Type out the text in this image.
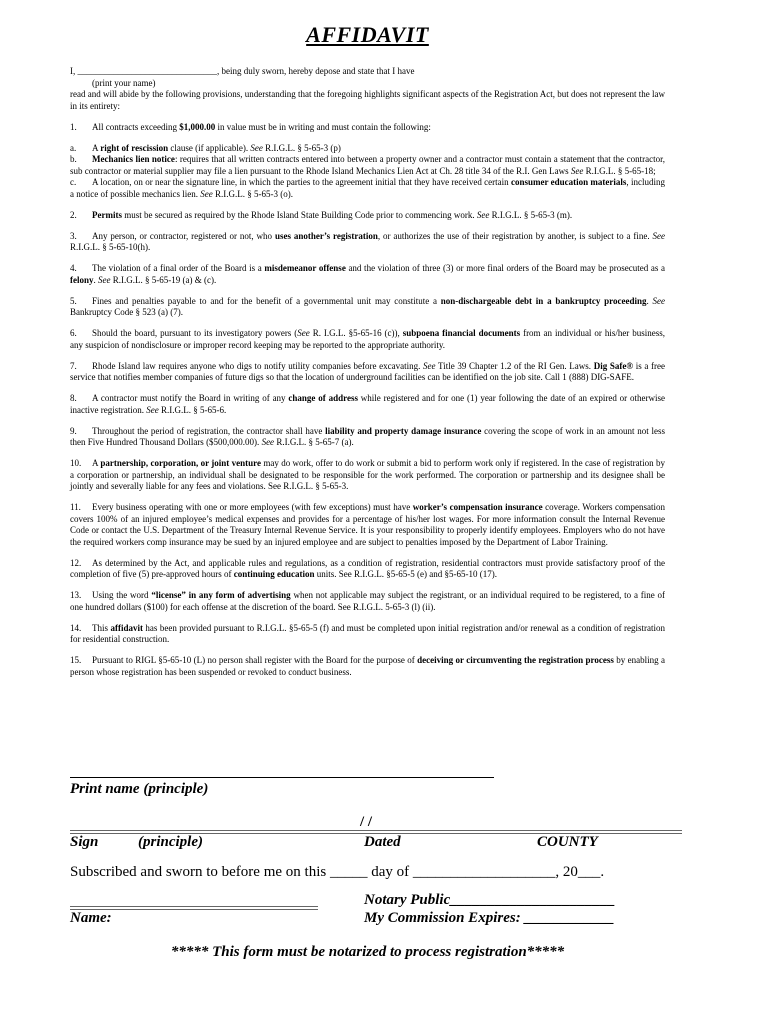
AFFIDAVIT

I, _______________________________, being duly sworn, hereby depose and state that I have

(print your name)

read and will abide by the following provisions, understanding that the foregoing highlights significant aspects of the Registration Act, but does not represent the law in its entirety:

1. All contracts exceeding $1,000.00 in value must be in writing and must contain the following:

a. A right of rescission clause (if applicable). See R.I.G.L. § 5-65-3 (p)

b. Mechanics lien notice: requires that all written contracts entered into between a property owner and a contractor must contain a statement that the contractor, sub contractor or material supplier may file a lien pursuant to the Rhode Island Mechanics Lien Act at Ch. 28 title 34 of the R.I. Gen Laws See R.I.G.L. § 5-65-18;

c. A location, on or near the signature line, in which the parties to the agreement initial that they have received certain consumer education materials, including a notice of possible mechanics lien. See R.I.G.L. § 5-65-3 (o).

2. Permits must be secured as required by the Rhode Island State Building Code prior to commencing work. See R.I.G.L. § 5-65-3 (m).

3. Any person, or contractor, registered or not, who uses another’s registration, or authorizes the use of their registration by another, is subject to a fine. See R.I.G.L. § 5-65-10(h).

4. The violation of a final order of the Board is a misdemeanor offense and the violation of three (3) or more final orders of the Board may be prosecuted as a felony. See R.I.G.L. § 5-65-19 (a) & (c).

5. Fines and penalties payable to and for the benefit of a governmental unit may constitute a non-dischargeable debt in a bankruptcy proceeding. See Bankruptcy Code § 523 (a) (7).

6. Should the board, pursuant to its investigatory powers (See R. I.G.L. §5-65-16 (c)), subpoena financial documents from an individual or his/her business, any suspicion of nondisclosure or improper record keeping may be reported to the appropriate authority.

7. Rhode Island law requires anyone who digs to notify utility companies before excavating. See Title 39 Chapter 1.2 of the RI Gen. Laws. Dig Safe® is a free service that notifies member companies of future digs so that the location of underground facilities can be identified on the job site. Call 1 (888) DIG-SAFE.

8. A contractor must notify the Board in writing of any change of address while registered and for one (1) year following the date of an expired or otherwise inactive registration. See R.I.G.L. § 5-65-6.

9. Throughout the period of registration, the contractor shall have liability and property damage insurance covering the scope of work in an amount not less then Five Hundred Thousand Dollars ($500,000.00). See R.I.G.L. § 5-65-7 (a).

10. A partnership, corporation, or joint venture may do work, offer to do work or submit a bid to perform work only if registered. In the case of registration by a corporation or partnership, an individual shall be designated to be responsible for the work performed. The corporation or partnership and its designee shall be jointly and severally liable for any fees and violations. See R.I.G.L. § 5-65-3.

11. Every business operating with one or more employees (with few exceptions) must have worker’s compensation insurance coverage. Workers compensation covers 100% of an injured employee’s medical expenses and provides for a percentage of his/her lost wages. For more information consult the Internal Revenue Code or contact the U.S. Department of the Treasury Internal Revenue Service. It is your responsibility to properly identify employees. Employers who do not have the required workers comp insurance may be sued by an injured employee and are subject to penalties imposed by the Department of Labor Training.

12. As determined by the Act, and applicable rules and regulations, as a condition of registration, residential contractors must provide satisfactory proof of the completion of five (5) pre-approved hours of continuing education units. See R.I.G.L. §5-65-5 (e) and §5-65-10 (17).

13. Using the word “license” in any form of advertising when not applicable may subject the registrant, or an individual required to be registered, to a fine of one hundred dollars ($100) for each offense at the discretion of the board. See R.I.G.L. 5-65-3 (l) (ii).

14. This affidavit has been provided pursuant to R.I.G.L. §5-65-5 (f) and must be completed upon initial registration and/or renewal as a condition of registration for residential construction.

15. Pursuant to RIGL §5-65-10 (L) no person shall register with the Board for the purpose of deceiving or circumventing the registration process by enabling a person whose registration has been suspended or revoked to conduct business.

Print name (principle)
/ /
Sign	(principle)	Dated	COUNTY
Subscribed and sworn to before me on this _____ day of ___________________, 20___.
Notary Public______________________
Name:	My Commission Expires: ____________
***** This form must be notarized to process registration*****
